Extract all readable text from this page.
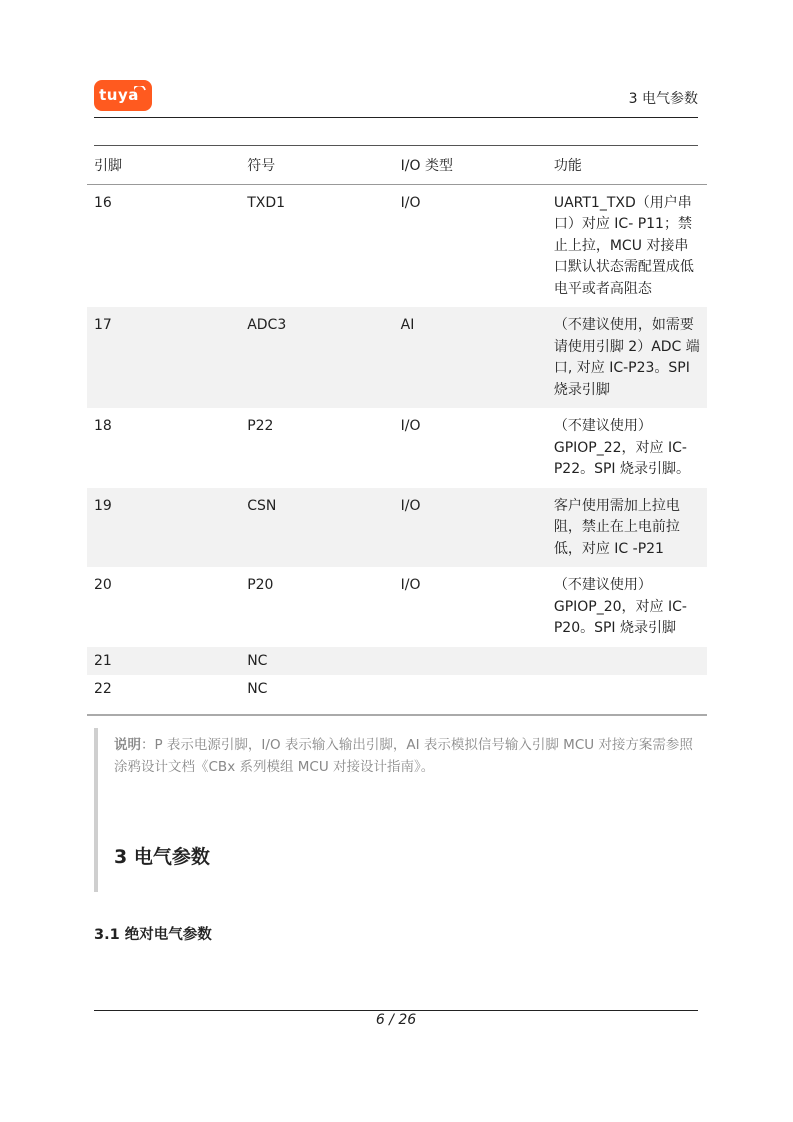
tuya	3 电气参数
引脚	符号	I/O 类型	功能
16	TXD1	I/O	UART1_TXD（用户串口）对应 IC- P11；禁止上拉，MCU 对接串口默认状态需配置成低电平或者高阻态
17	ADC3	AI	（不建议使用，如需要请使用引脚 2）ADC 端口, 对应 IC-P23。SPI 烧录引脚
18	P22	I/O	（不建议使用）GPIOP_22，对应 IC-P22。SPI 烧录引脚。
19	CSN	I/O	客户使用需加上拉电阻，禁止在上电前拉低，对应 IC -P21
20	P20	I/O	（不建议使用）GPIOP_20，对应 IC-P20。SPI 烧录引脚
21	NC		
22	NC		
说明：P 表示电源引脚，I/O 表示输入输出引脚，AI 表示模拟信号输入引脚 MCU 对接方案需参照涂鸦设计文档《CBx 系列模组 MCU 对接设计指南》。
3 电气参数
3.1 绝对电气参数
6 / 26
